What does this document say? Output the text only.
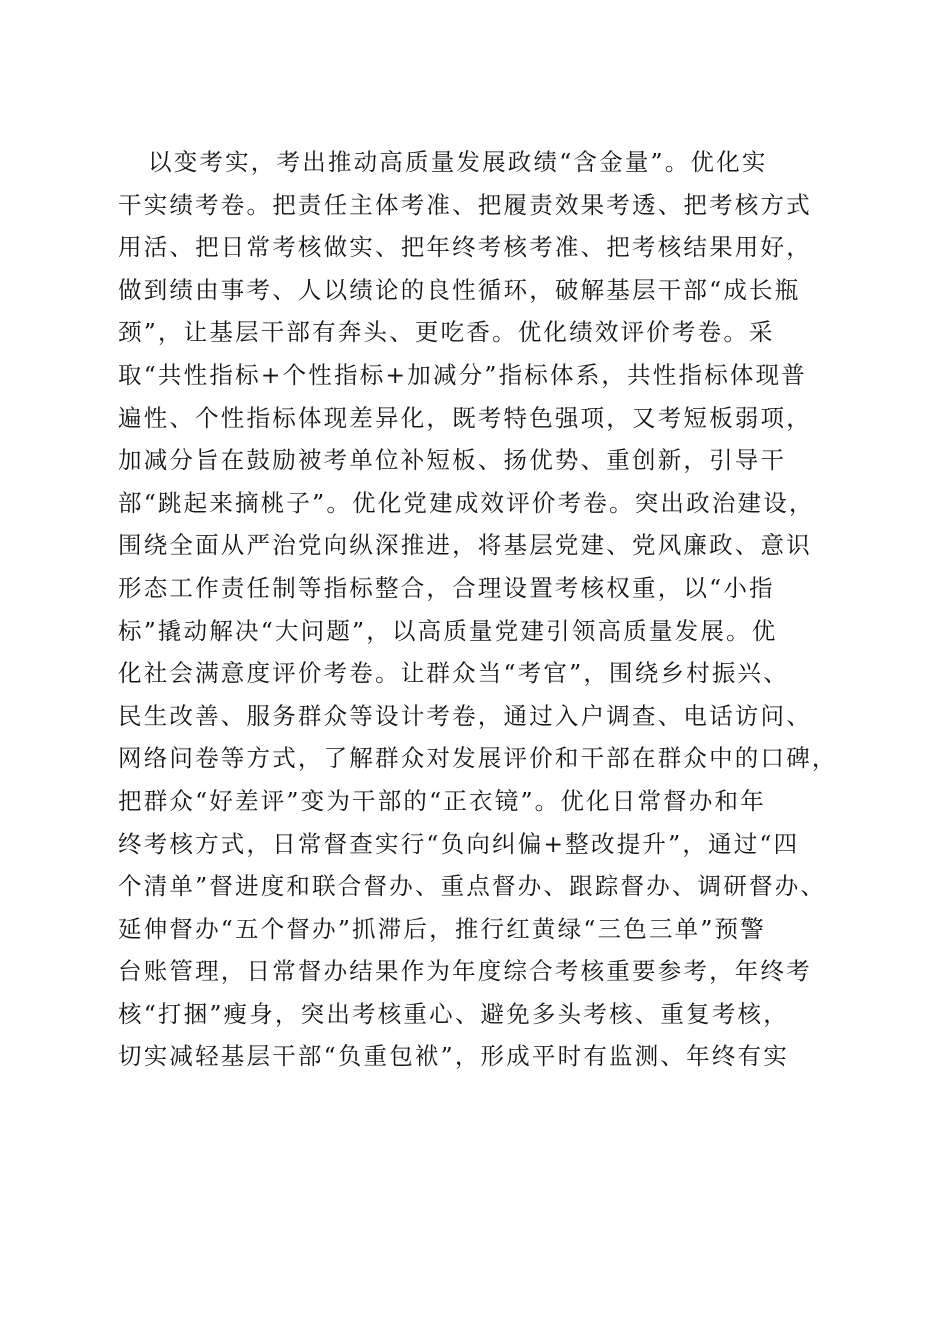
以变考实，考出推动高质量发展政绩“含金量”。优化实
干实绩考卷。把责任主体考准、把履责效果考透、把考核方式
用活、把日常考核做实、把年终考核考准、把考核结果用好，
做到绩由事考、人以绩论的良性循环，破解基层干部“成长瓶
颈”，让基层干部有奔头、更吃香。优化绩效评价考卷。采
取“共性指标+个性指标+加减分”指标体系，共性指标体现普
遍性、个性指标体现差异化，既考特色强项，又考短板弱项，
加减分旨在鼓励被考单位补短板、扬优势、重创新，引导干
部“跳起来摘桃子”。优化党建成效评价考卷。突出政治建设，
围绕全面从严治党向纵深推进，将基层党建、党风廉政、意识
形态工作责任制等指标整合，合理设置考核权重，以“小指
标”撬动解决“大问题”，以高质量党建引领高质量发展。优
化社会满意度评价考卷。让群众当“考官”，围绕乡村振兴、
民生改善、服务群众等设计考卷，通过入户调查、电话访问、
网络问卷等方式，了解群众对发展评价和干部在群众中的口碑，
把群众“好差评”变为干部的“正衣镜”。优化日常督办和年
终考核方式，日常督查实行“负向纠偏+整改提升”，通过“四
个清单”督进度和联合督办、重点督办、跟踪督办、调研督办、
延伸督办“五个督办”抓滞后，推行红黄绿“三色三单”预警
台账管理，日常督办结果作为年度综合考核重要参考，年终考
核“打捆”瘦身，突出考核重心、避免多头考核、重复考核，
切实减轻基层干部“负重包袱”，形成平时有监测、年终有实
